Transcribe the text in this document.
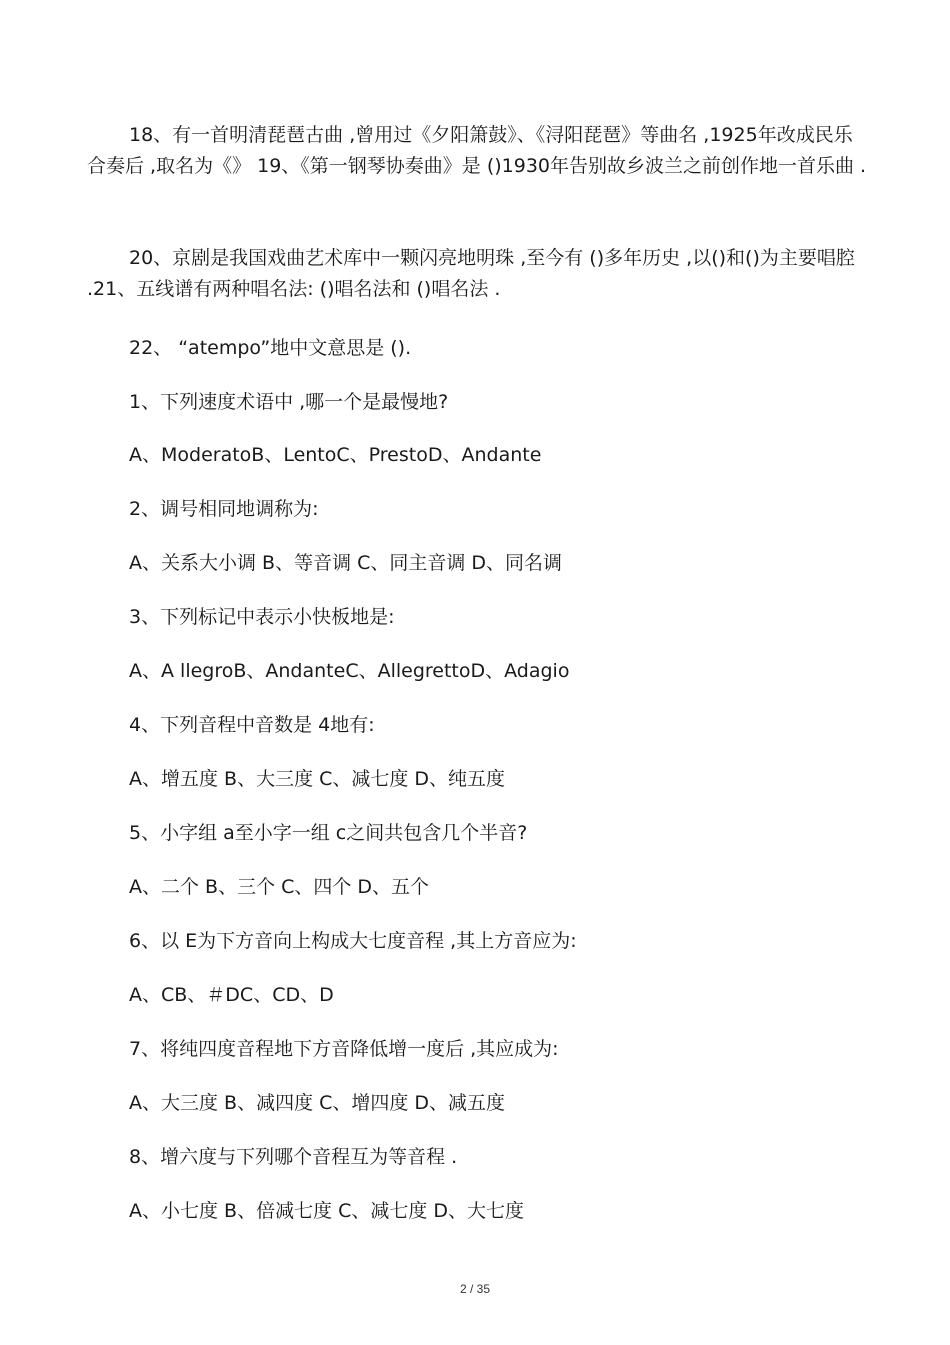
18、有一首明清琵琶古曲 ,曾用过《夕阳箫鼓》、《浔阳琵琶》等曲名 ,1925年改成民乐合奏后 ,取名为《》 19、《第一钢琴协奏曲》是 ()1930年告别故乡波兰之前创作地一首乐曲 .

20、京剧是我国戏曲艺术库中一颗闪亮地明珠 ,至今有 ()多年历史 ,以()和()为主要唱腔 .21、五线谱有两种唱名法: ()唱名法和 ()唱名法 .

22、 “atempo”地中文意思是 ().

1、下列速度术语中 ,哪一个是最慢地?

A、ModeratoB、LentoC、PrestoD、Andante

2、调号相同地调称为:

A、关系大小调 B、等音调 C、同主音调 D、同名调

3、下列标记中表示小快板地是:

A、A llegroB、AndanteC、AllegrettoD、Adagio

4、下列音程中音数是 4地有:

A、增五度 B、大三度 C、减七度 D、纯五度

5、小字组 a至小字一组 c之间共包含几个半音?

A、二个 B、三个 C、四个 D、五个

6、以 E为下方音向上构成大七度音程 ,其上方音应为:

A、CB、＃DC、CD、D

7、将纯四度音程地下方音降低增一度后 ,其应成为:

A、大三度 B、减四度 C、增四度 D、减五度

8、增六度与下列哪个音程互为等音程 .

A、小七度 B、倍减七度 C、减七度 D、大七度

2 / 35
